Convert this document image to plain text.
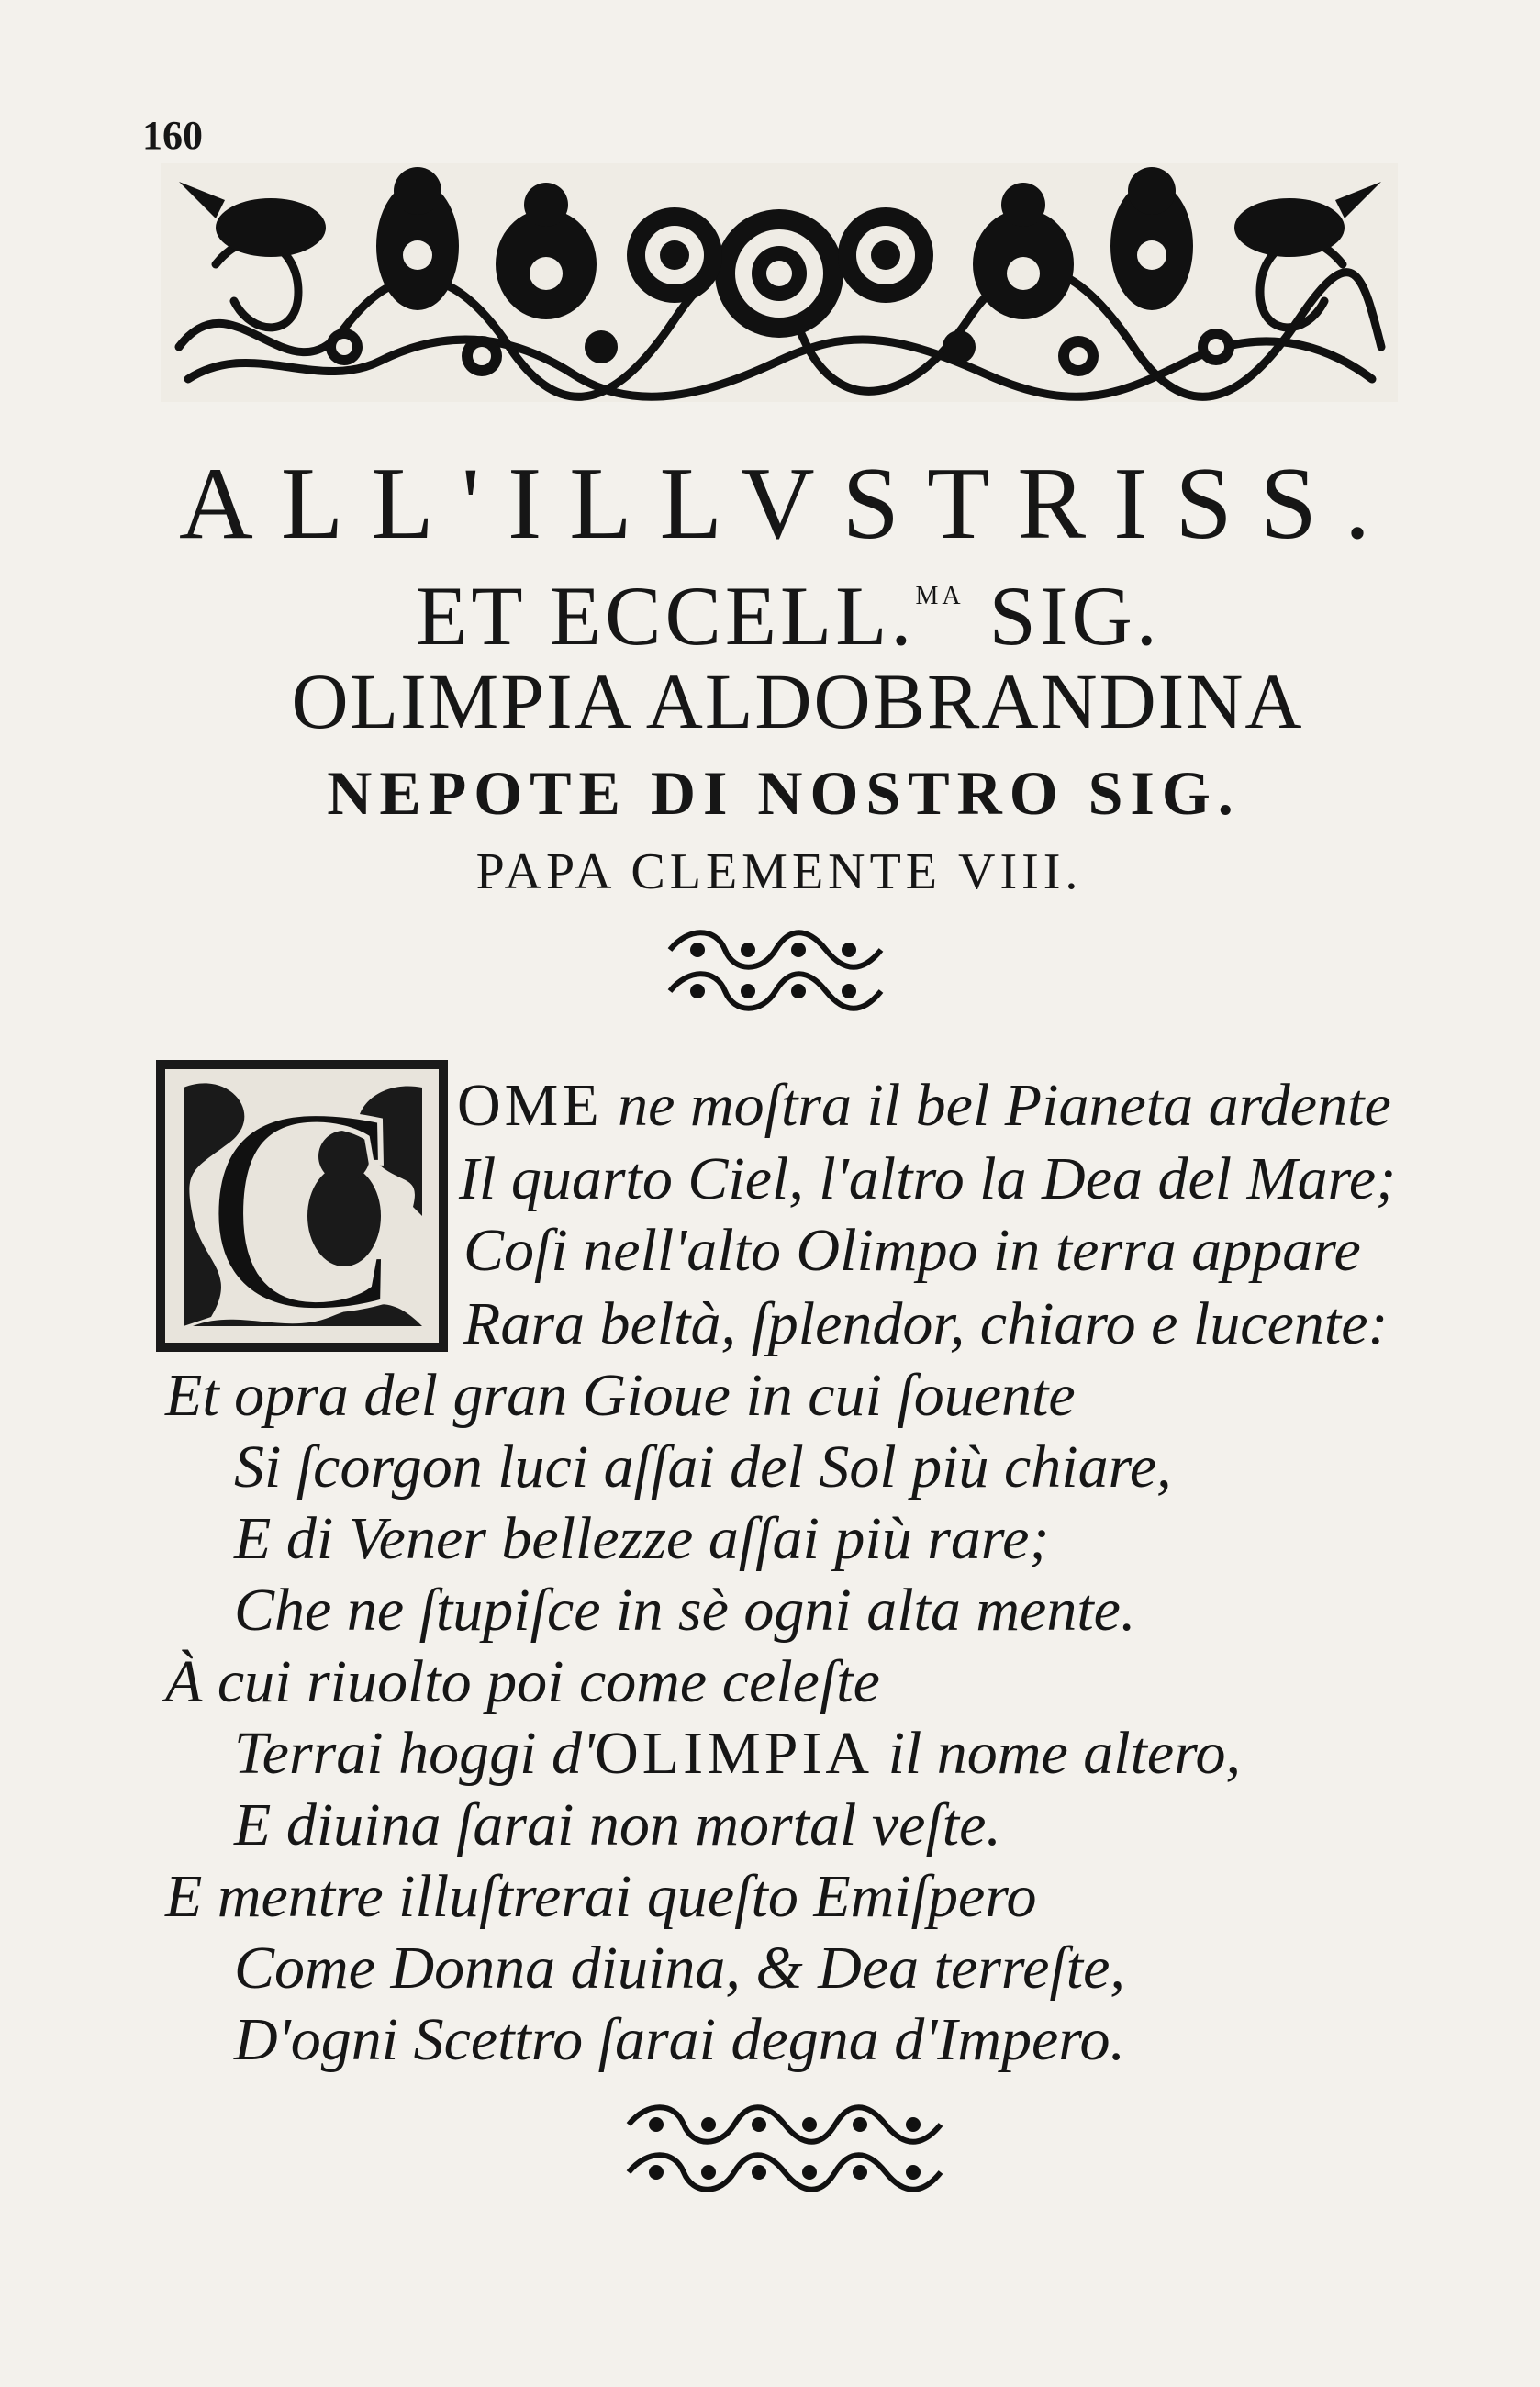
160
ALL'ILLVSTRISS.
ET ECCELL.$^{MA}$ SIG.
OLIMPIA ALDOBRANDINA
NEPOTE DI NOSTRO SIG.
PAPA CLEMENTE VIII.
C OME ne moſtra il bel Pianeta ardente
Il quarto Ciel, l'altro la Dea del Mare;
Coſi nell'alto Olimpo in terra appare
Rara beltà, ſplendor, chiaro e lucente:
Et opra del gran Gioue in cui ſouente
Si ſcorgon luci aſſai del Sol più chiare,
E di Vener bellezze aſſai più rare;
Che ne ſtupiſce in sè ogni alta mente.
À cui riuolto poi come celeſte
Terrai hoggi d'OLIMPIA il nome altero,
E diuina ſarai non mortal veſte.
E mentre illuſtrerai queſto Emiſpero
Come Donna diuina, & Dea terreſte,
D'ogni Scettro ſarai degna d'Impero.
